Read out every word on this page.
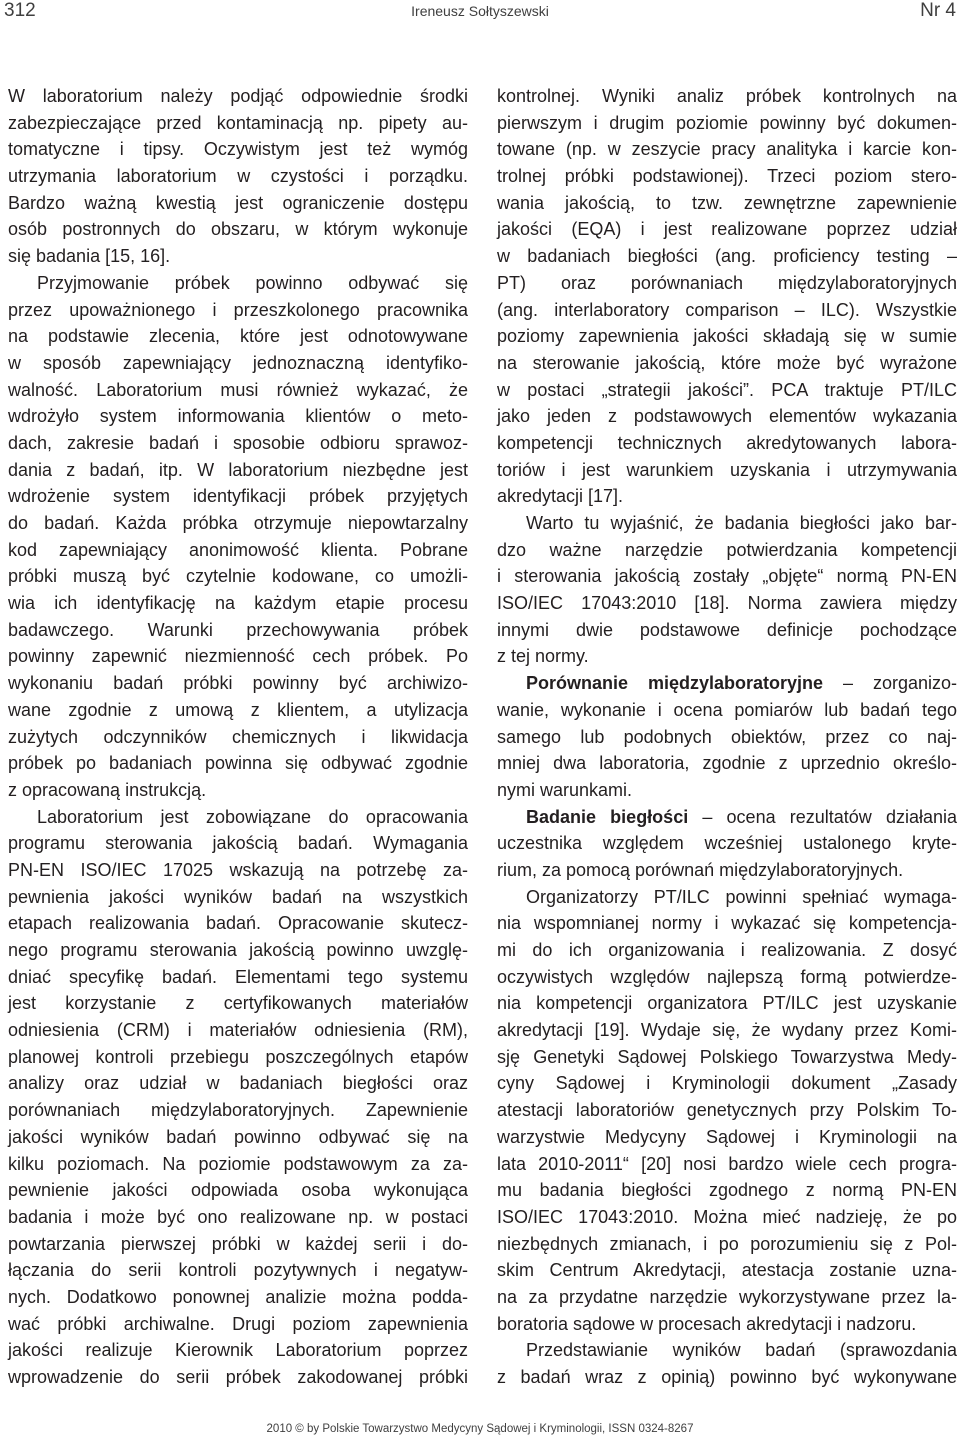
312	Ireneusz Sołtyszewski	Nr 4
W laboratorium należy podjąć odpowiednie środki
zabezpieczające przed kontaminacją np. pipety au-
tomatyczne i tipsy. Oczywistym jest też wymóg
utrzymania laboratorium w czystości i porządku.
Bardzo ważną kwestią jest ograniczenie dostępu
osób postronnych do obszaru, w którym wykonuje
się badania [15, 16].
Przyjmowanie próbek powinno odbywać się
przez upoważnionego i przeszkolonego pracownika
na podstawie zlecenia, które jest odnotowywane
w sposób zapewniający jednoznaczną identyfiko-
walność. Laboratorium musi również wykazać, że
wdrożyło system informowania klientów o meto-
dach, zakresie badań i sposobie odbioru sprawoz-
dania z badań, itp. W laboratorium niezbędne jest
wdrożenie system identyfikacji próbek przyjętych
do badań. Każda próbka otrzymuje niepowtarzalny
kod zapewniający anonimowość klienta. Pobrane
próbki muszą być czytelnie kodowane, co umożli-
wia ich identyfikację na każdym etapie procesu
badawczego. Warunki przechowywania próbek
powinny zapewnić niezmienność cech próbek. Po
wykonaniu badań próbki powinny być archiwizo-
wane zgodnie z umową z klientem, a utylizacja
zużytych odczynników chemicznych i likwidacja
próbek po badaniach powinna się odbywać zgodnie
z opracowaną instrukcją.
Laboratorium jest zobowiązane do opracowania
programu sterowania jakością badań. Wymagania
PN-EN ISO/IEC 17025 wskazują na potrzebę za-
pewnienia jakości wyników badań na wszystkich
etapach realizowania badań. Opracowanie skutecz-
nego programu sterowania jakością powinno uwzglę-
dniać specyfikę badań. Elementami tego systemu
jest korzystanie z certyfikowanych materiałów
odniesienia (CRM) i materiałów odniesienia (RM),
planowej kontroli przebiegu poszczególnych etapów
analizy oraz udział w badaniach biegłości oraz
porównaniach międzylaboratoryjnych. Zapewnienie
jakości wyników badań powinno odbywać się na
kilku poziomach. Na poziomie podstawowym za za-
pewnienie jakości odpowiada osoba wykonująca
badania i może być ono realizowane np. w postaci
powtarzania pierwszej próbki w każdej serii i do-
łączania do serii kontroli pozytywnych i negatyw-
nych. Dodatkowo ponownej analizie można podda-
wać próbki archiwalne. Drugi poziom zapewnienia
jakości realizuje Kierownik Laboratorium poprzez
wprowadzenie do serii próbek zakodowanej próbki
kontrolnej. Wyniki analiz próbek kontrolnych na
pierwszym i drugim poziomie powinny być dokumen-
towane (np. w zeszycie pracy analityka i karcie kon-
trolnej próbki podstawionej). Trzeci poziom stero-
wania jakością, to tzw. zewnętrzne zapewnienie
jakości (EQA) i jest realizowane poprzez udział
w badaniach biegłości (ang. proficiency testing –
PT) oraz porównaniach międzylaboratoryjnych
(ang. interlaboratory comparison – ILC). Wszystkie
poziomy zapewnienia jakości składają się w sumie
na sterowanie jakością, które może być wyrażone
w postaci „strategii jakości”. PCA traktuje PT/ILC
jako jeden z podstawowych elementów wykazania
kompetencji technicznych akredytowanych labora-
toriów i jest warunkiem uzyskania i utrzymywania
akredytacji [17].
Warto tu wyjaśnić, że badania biegłości jako bar-
dzo ważne narzędzie potwierdzania kompetencji
i sterowania jakością zostały „objęte“ normą PN-EN
ISO/IEC 17043:2010 [18]. Norma zawiera między
innymi dwie podstawowe definicje pochodzące
z tej normy.
Porównanie międzylaboratoryjne – zorganizo-
wanie, wykonanie i ocena pomiarów lub badań tego
samego lub podobnych obiektów, przez co naj-
mniej dwa laboratoria, zgodnie z uprzednio określo-
nymi warunkami.
Badanie biegłości – ocena rezultatów działania
uczestnika względem wcześniej ustalonego kryte-
rium, za pomocą porównań międzylaboratoryjnych.
Organizatorzy PT/ILC powinni spełniać wymaga-
nia wspomnianej normy i wykazać się kompetencja-
mi do ich organizowania i realizowania. Z dosyć
oczywistych względów najlepszą formą potwierdze-
nia kompetencji organizatora PT/ILC jest uzyskanie
akredytacji [19]. Wydaje się, że wydany przez Komi-
sję Genetyki Sądowej Polskiego Towarzystwa Medy-
cyny Sądowej i Kryminologii dokument „Zasady
atestacji laboratoriów genetycznych przy Polskim To-
warzystwie Medycyny Sądowej i Kryminologii na
lata 2010-2011“ [20] nosi bardzo wiele cech progra-
mu badania biegłości zgodnego z normą PN-EN
ISO/IEC 17043:2010. Można mieć nadzieję, że po
niezbędnych zmianach, i po porozumieniu się z Pol-
skim Centrum Akredytacji, atestacja zostanie uzna-
na za przydatne narzędzie wykorzystywane przez la-
boratoria sądowe w procesach akredytacji i nadzoru.
Przedstawianie wyników badań (sprawozdania
z badań wraz z opinią) powinno być wykonywane
2010 © by Polskie Towarzystwo Medycyny Sądowej i Kryminologii, ISSN 0324-8267
